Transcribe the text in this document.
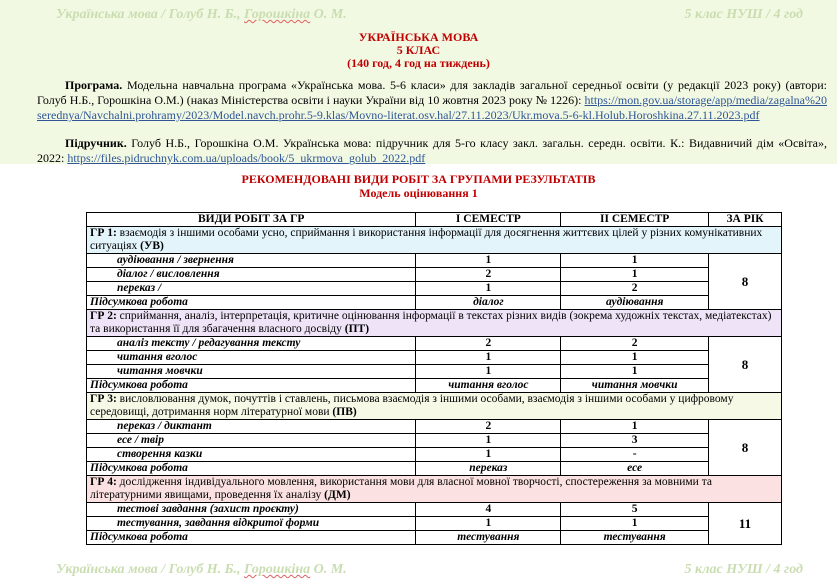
Українська мова / Голуб Н. Б., Горошкіна О. М.	5 клас НУШ / 4 год
УКРАЇНСЬКА МОВА
5 КЛАС
(140 год, 4 год на тиждень)
Програма. Модельна навчальна програма «Українська мова. 5-6 класи» для закладів загальної середньої освіти (у редакції 2023 року) (автори: Голуб Н.Б., Горошкіна О.М.) (наказ Міністерства освіти і науки України від 10 жовтня 2023 року № 1226): https://mon.gov.ua/storage/app/media/zagalna%20serednya/Navchalni.prohramy/2023/Model.navch.prohr.5-9.klas/Movno-literat.osv.hal/27.11.2023/Ukr.mova.5-6-kl.Holub.Horoshkina.27.11.2023.pdf
Підручник. Голуб Н.Б., Горошкіна О.М. Українська мова: підручник для 5-го класу закл. загальн. середн. освіти. К.: Видавничий дім «Освіта», 2022: https://files.pidruchnyk.com.ua/uploads/book/5_ukrmova_golub_2022.pdf
РЕКОМЕНДОВАНІ ВИДИ РОБІТ ЗА ГРУПАМИ РЕЗУЛЬТАТІВ
Модель оцінювання 1
ВИДИ РОБІТ ЗА ГР	І СЕМЕСТР	ІІ СЕМЕСТР	ЗА РІК
ГР 1: взаємодія з іншими особами усно, сприймання і використання інформації для досягнення життєвих цілей у різних комунікативних ситуаціях (УВ)			
аудіювання / звернення	1	1	8
діалог / висловлення	2	1	
переказ /	1	2	
Підсумкова робота	діалог	аудіювання	
ГР 2: сприймання, аналіз, інтерпретація, критичне оцінювання інформації в текстах різних видів (зокрема художніх текстах, медіатекстах) та використання її для збагачення власного досвіду (ПТ)			
аналіз тексту / редагування тексту	2	2	8
читання вголос	1	1	
читання мовчки	1	1	
Підсумкова робота	читання вголос	читання мовчки	
ГР 3: висловлювання думок, почуттів і ставлень, письмова взаємодія з іншими особами, взаємодія з іншими особами у цифровому середовищі, дотримання норм літературної мови (ПВ)			
переказ / диктант	2	1	8
есе / твір	1	3	
створення казки	1	-	
Підсумкова робота	переказ	есе	
ГР 4: дослідження індивідуального мовлення, використання мови для власної мовної творчості, спостереження за мовними та літературними явищами, проведення їх аналізу (ДМ)			
тестові завдання (захист проєкту)	4	5	11
тестування, завдання відкритої форми	1	1	
Підсумкова робота	тестування	тестування	
Українська мова / Голуб Н. Б., Горошкіна О. М.	5 клас НУШ / 4 год
